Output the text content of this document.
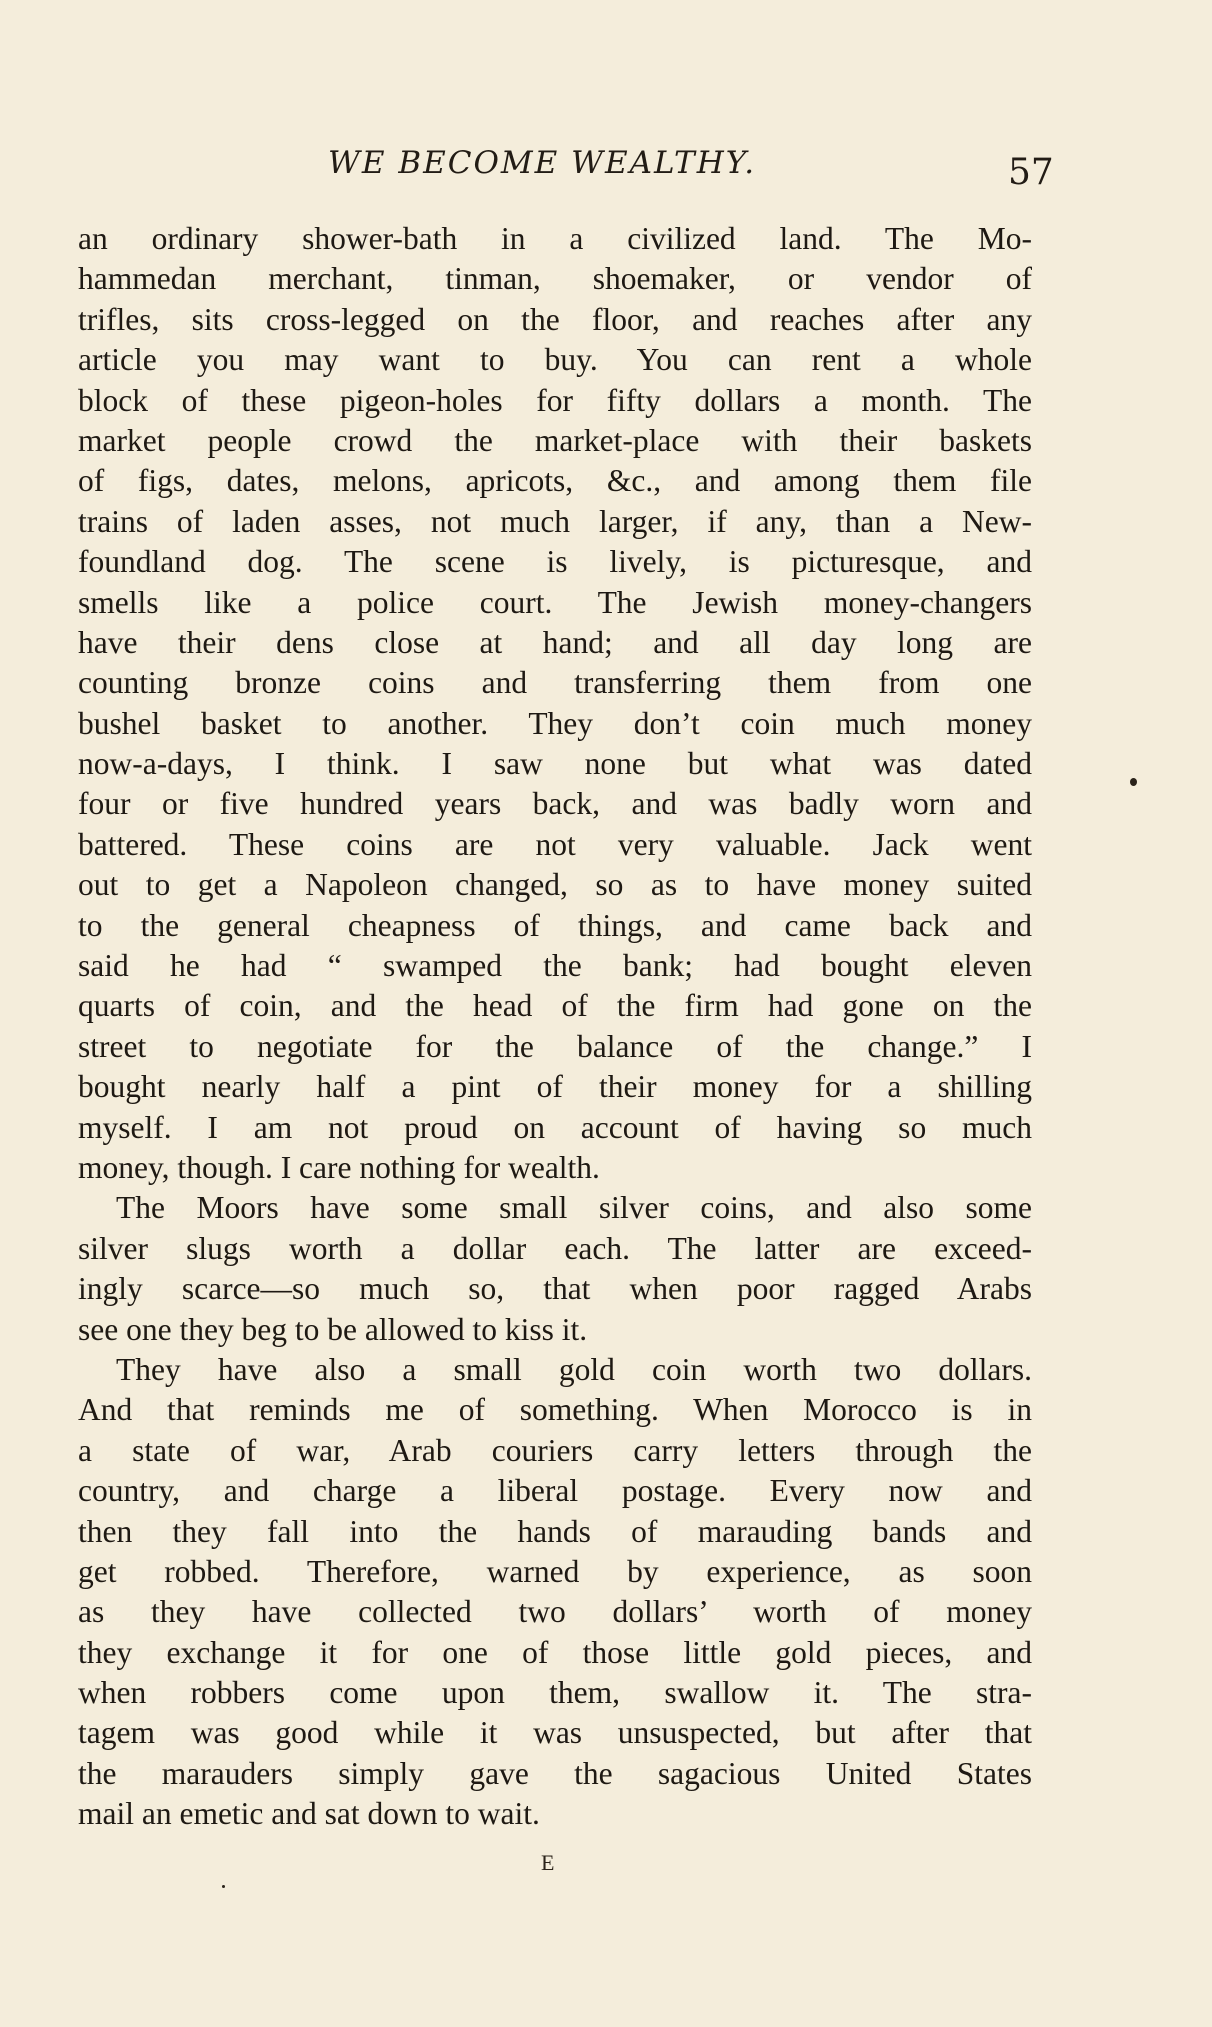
WE BECOME WEALTHY.	57
an ordinary shower-bath in a civilized land. The Mo-
hammedan merchant, tinman, shoemaker, or vendor of
trifles, sits cross-legged on the floor, and reaches after any
article you may want to buy. You can rent a whole
block of these pigeon-holes for fifty dollars a month. The
market people crowd the market-place with their baskets
of figs, dates, melons, apricots, &c., and among them file
trains of laden asses, not much larger, if any, than a New-
foundland dog. The scene is lively, is picturesque, and
smells like a police court. The Jewish money-changers
have their dens close at hand; and all day long are
counting bronze coins and transferring them from one
bushel basket to another. They don’t coin much money
now-a-days, I think. I saw none but what was dated
four or five hundred years back, and was badly worn and
battered. These coins are not very valuable. Jack went
out to get a Napoleon changed, so as to have money suited
to the general cheapness of things, and came back and
said he had “ swamped the bank; had bought eleven
quarts of coin, and the head of the firm had gone on the
street to negotiate for the balance of the change.” I
bought nearly half a pint of their money for a shilling
myself. I am not proud on account of having so much
money, though. I care nothing for wealth.
The Moors have some small silver coins, and also some
silver slugs worth a dollar each. The latter are exceed-
ingly scarce—so much so, that when poor ragged Arabs
see one they beg to be allowed to kiss it.
They have also a small gold coin worth two dollars.
And that reminds me of something. When Morocco is in
a state of war, Arab couriers carry letters through the
country, and charge a liberal postage. Every now and
then they fall into the hands of marauding bands and
get robbed. Therefore, warned by experience, as soon
as they have collected two dollars’ worth of money
they exchange it for one of those little gold pieces, and
when robbers come upon them, swallow it. The stra-
tagem was good while it was unsuspected, but after that
the marauders simply gave the sagacious United States
mail an emetic and sat down to wait.
E
